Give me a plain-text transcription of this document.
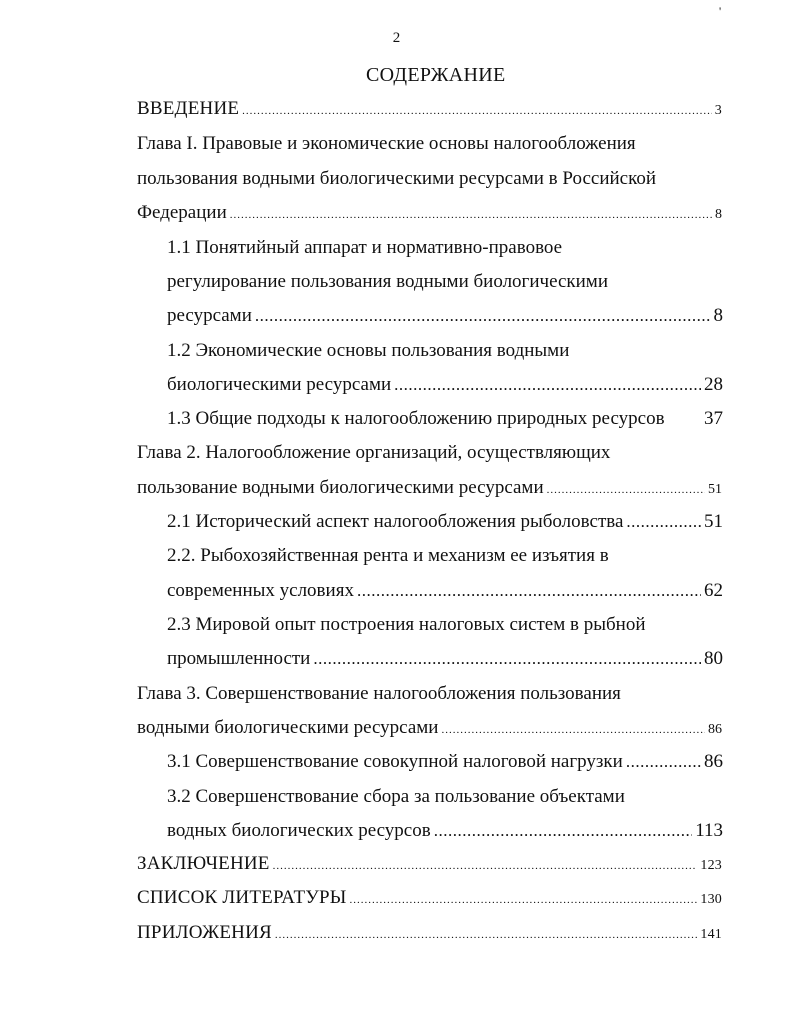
2
'
СОДЕРЖАНИЕ
ВВЕДЕНИЕ .....	3
Глава I. Правовые и экономические основы налогообложения
пользования водными биологическими ресурсами в Российской
Федерации .....	8
1.1 Понятийный аппарат и нормативно-правовое
регулирование пользования водными биологическими
ресурсами .....	8
1.2 Экономические основы пользования водными
биологическими ресурсами .....	28
1.3 Общие подходы к налогообложению природных ресурсов 37
Глава 2. Налогообложение организаций, осуществляющих
пользование водными биологическими ресурсами .....	51
2.1 Исторический аспект налогообложения рыболовства .....	51
2.2. Рыбохозяйственная рента и механизм ее изъятия в
современных условиях .....	62
2.3 Мировой опыт построения налоговых систем в рыбной
промышленности .....	80
Глава 3. Совершенствование налогообложения пользования
водными биологическими ресурсами .....	86
3.1 Совершенствование совокупной налоговой нагрузки .....	86
3.2 Совершенствование сбора за пользование объектами
водных биологических ресурсов .....	113
ЗАКЛЮЧЕНИЕ .....	123
СПИСОК ЛИТЕРАТУРЫ .....	130
ПРИЛОЖЕНИЯ .....	141
